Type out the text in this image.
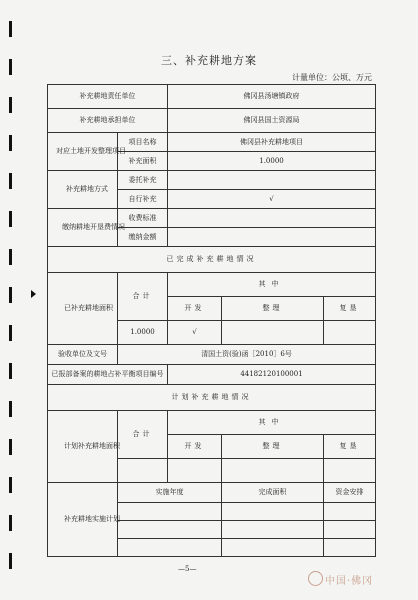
三、补充耕地方案
计量单位：公顷、万元
补充耕地责任单位		佛冈县汤塘镇政府		
补充耕地承担单位		佛冈县国土资源局		
对应土地开发整理项目	项目名称	佛冈县补充耕地项目		
	补充面积	1.0000		
补充耕地方式	委托补充			
	自行补充	√		
缴纳耕地开垦费情况	收费标准			
	缴纳金额			
已完成补充耕地情况				
已补充耕地面积	合计	其中		
		开发	整理	复垦
	1.0000	√		
验收单位及文号	清国土资(验)函［2010］6号			
已报部备案的耕地占补平衡项目编号		44182120100001		
计划补充耕地情况				
计划补充耕地面积	合计	其中		
		开发	整理	复垦

补充耕地实施计划	实施年度		完成面积	资金安排

—5—
中国·佛冈
